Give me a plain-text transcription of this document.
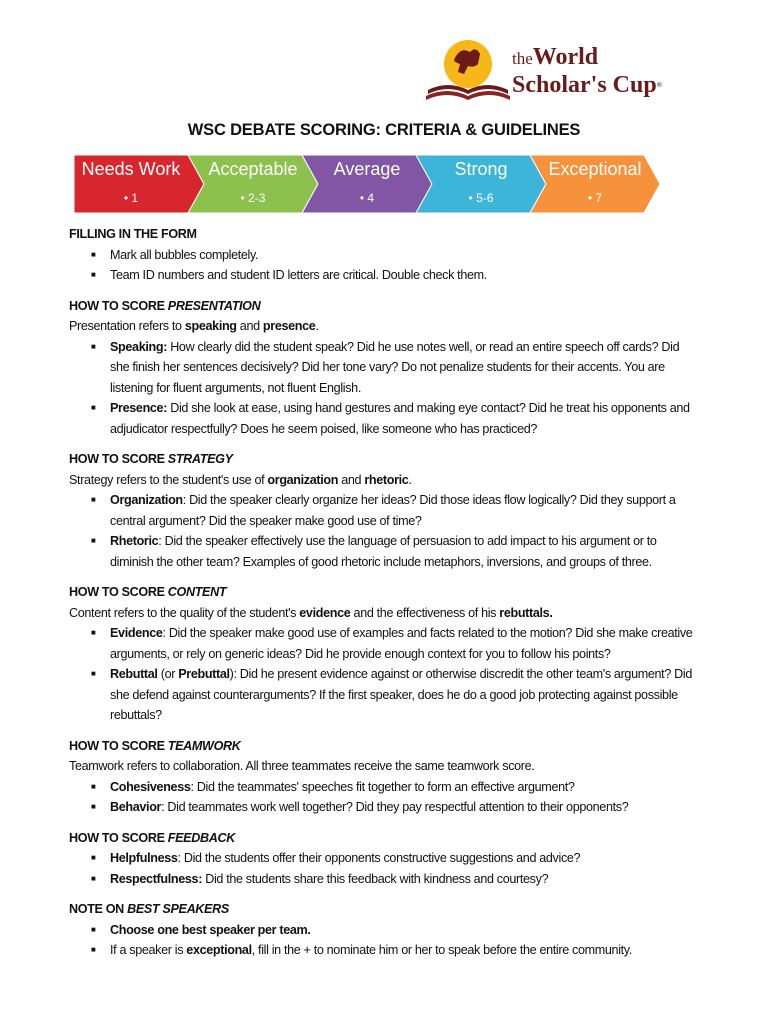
theWorld
Scholar's Cup®
WSC DEBATE SCORING: CRITERIA & GUIDELINES
Needs Work
• 1
Acceptable
• 2-3
Average
• 4
Strong
• 5-6
Exceptional
• 7

FILLING IN THE FORM

■ Mark all bubbles completely.
■ Team ID numbers and student ID letters are critical. Double check them.

HOW TO SCORE PRESENTATION

Presentation refers to speaking and presence.

■ Speaking: How clearly did the student speak? Did he use notes well, or read an entire speech off cards? Did she finish her sentences decisively? Did her tone vary? Do not penalize students for their accents. You are listening for fluent arguments, not fluent English.
■ Presence: Did she look at ease, using hand gestures and making eye contact? Did he treat his opponents and adjudicator respectfully? Does he seem poised, like someone who has practiced?

HOW TO SCORE STRATEGY

Strategy refers to the student's use of organization and rhetoric.

■ Organization: Did the speaker clearly organize her ideas? Did those ideas flow logically? Did they support a central argument? Did the speaker make good use of time?
■ Rhetoric: Did the speaker effectively use the language of persuasion to add impact to his argument or to diminish the other team? Examples of good rhetoric include metaphors, inversions, and groups of three.

HOW TO SCORE CONTENT

Content refers to the quality of the student's evidence and the effectiveness of his rebuttals.

■ Evidence: Did the speaker make good use of examples and facts related to the motion? Did she make creative arguments, or rely on generic ideas? Did he provide enough context for you to follow his points?
■ Rebuttal (or Prebuttal): Did he present evidence against or otherwise discredit the other team's argument? Did she defend against counterarguments? If the first speaker, does he do a good job protecting against possible rebuttals?

HOW TO SCORE TEAMWORK

Teamwork refers to collaboration. All three teammates receive the same teamwork score.

■ Cohesiveness: Did the teammates' speeches fit together to form an effective argument?
■ Behavior: Did teammates work well together? Did they pay respectful attention to their opponents?

HOW TO SCORE FEEDBACK

■ Helpfulness: Did the students offer their opponents constructive suggestions and advice?
■ Respectfulness: Did the students share this feedback with kindness and courtesy?

NOTE ON BEST SPEAKERS

■ Choose one best speaker per team.
■ If a speaker is exceptional, fill in the + to nominate him or her to speak before the entire community.
